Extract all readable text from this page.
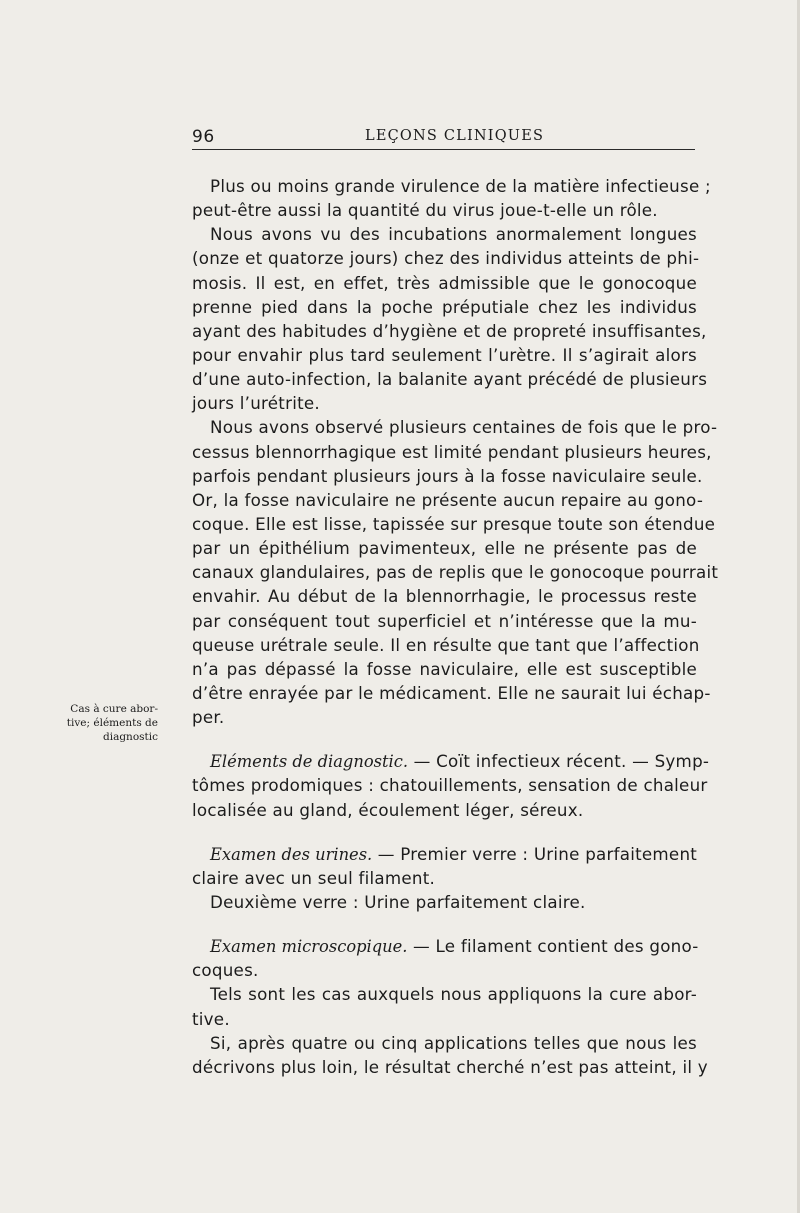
96	LEÇONS CLINIQUES
Cas à cure abor-
tive; éléments de
diagnostic
Plus ou moins grande virulence de la matière infectieuse ;
peut-être aussi la quantité du virus joue-t-elle un rôle.
Nous avons vu des incubations anormalement longues
(onze et quatorze jours) chez des individus atteints de phi-
mosis. Il est, en effet, très admissible que le gonocoque
prenne pied dans la poche préputiale chez les individus
ayant des habitudes d’hygiène et de propreté insuffisantes,
pour envahir plus tard seulement l’urètre. Il s’agirait alors
d’une auto-infection, la balanite ayant précédé de plusieurs
jours l’urétrite.
Nous avons observé plusieurs centaines de fois que le pro-
cessus blennorrhagique est limité pendant plusieurs heures,
parfois pendant plusieurs jours à la fosse naviculaire seule.
Or, la fosse naviculaire ne présente aucun repaire au gono-
coque. Elle est lisse, tapissée sur presque toute son étendue
par un épithélium pavimenteux, elle ne présente pas de
canaux glandulaires, pas de replis que le gonocoque pourrait
envahir. Au début de la blennorrhagie, le processus reste
par conséquent tout superficiel et n’intéresse que la mu-
queuse urétrale seule. Il en résulte que tant que l’affection
n’a pas dépassé la fosse naviculaire, elle est susceptible
d’être enrayée par le médicament. Elle ne saurait lui échap-
per.
Eléments de diagnostic. — Coït infectieux récent. — Symp-
tômes prodomiques : chatouillements, sensation de chaleur
localisée au gland, écoulement léger, séreux.
Examen des urines. — Premier verre : Urine parfaitement
claire avec un seul filament.
Deuxième verre : Urine parfaitement claire.
Examen microscopique. — Le filament contient des gono-
coques.
Tels sont les cas auxquels nous appliquons la cure abor-
tive.
Si, après quatre ou cinq applications telles que nous les
décrivons plus loin, le résultat cherché n’est pas atteint, il y
